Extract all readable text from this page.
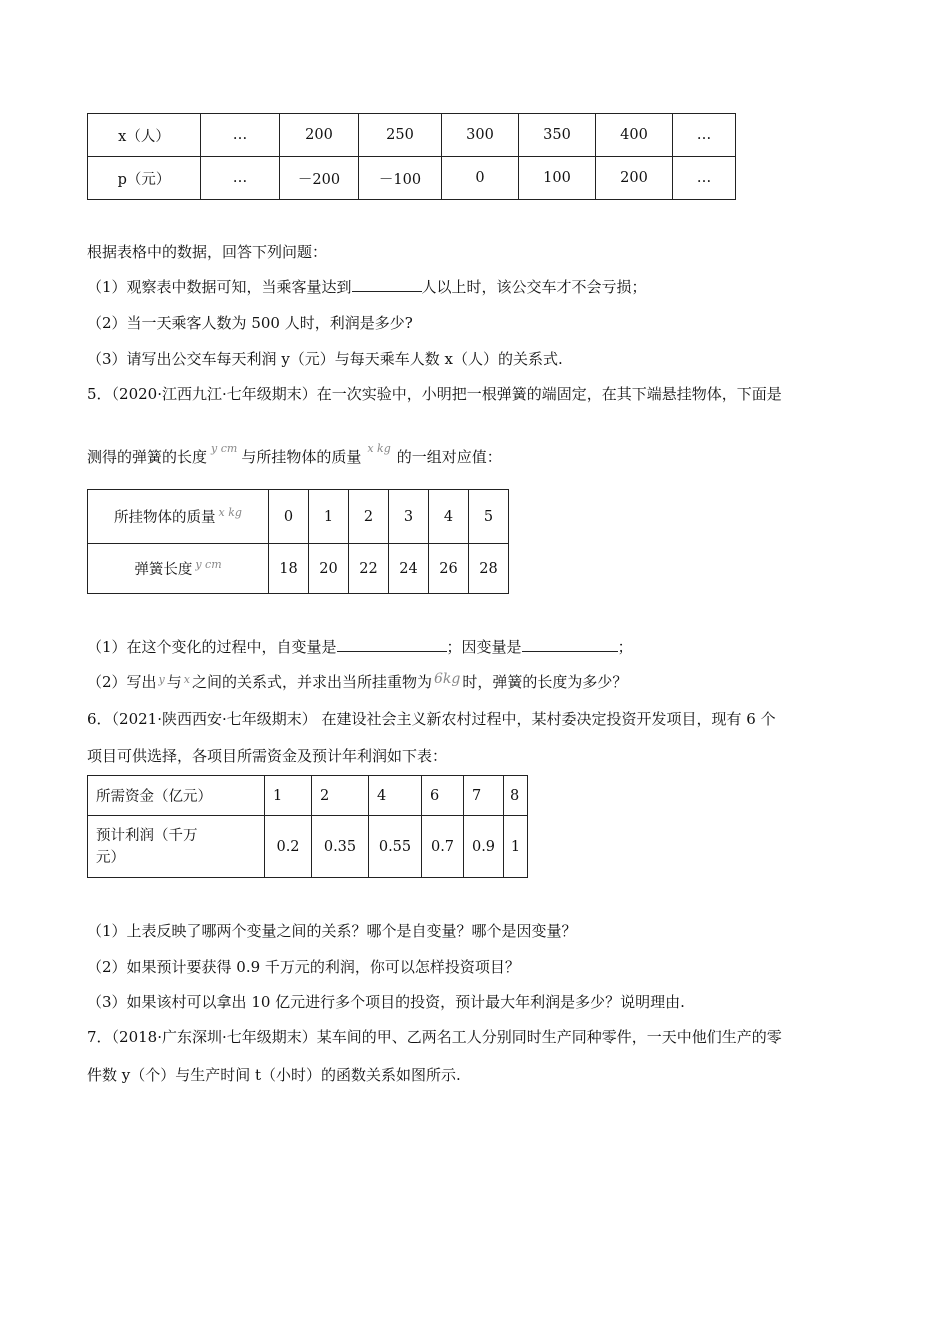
x（人）	…	200	250	300	350	400	…
p（元）	…	－200	－100	0	100	200	…
根据表格中的数据，回答下列问题：
（1）观察表中数据可知，当乘客量达到	人以上时，该公交车才不会亏损；
（2）当一天乘客人数为 500 人时，利润是多少?
（3）请写出公交车每天利润 y（元）与每天乘车人数 x（人）的关系式.
5．（2020·江西九江·七年级期末）在一次实验中，小明把一根弹簧的端固定，在其下端悬挂物体，下面是
测得的弹簧的长度 $^{y cm}$ 与所挂物体的质量 $^{x kg}$ 的一组对应值：
所挂物体的质量 $^{x kg}$	0	1	2	3	4	5
弹簧长度 $^{y cm}$	18	20	22	24	26	28
（1）在这个变化的过程中，自变量是	；因变量是	；
（2）写出 $^y$ 与 $^x$ 之间的关系式，并求出当所挂重物为 6kg 时，弹簧的长度为多少？
6．（2021·陕西西安·七年级期末） 在建设社会主义新农村过程中，某村委决定投资开发项目，现有 6 个
项目可供选择，各项目所需资金及预计年利润如下表：
所需资金（亿元）	1	2	4	6	7	8

预计利润（千万
元）	0.2	0.35	0.55	0.7	0.9	1
（1）上表反映了哪两个变量之间的关系？哪个是自变量？哪个是因变量？
（2）如果预计要获得 0.9 千万元的利润，你可以怎样投资项目？
（3）如果该村可以拿出 10 亿元进行多个项目的投资，预计最大年利润是多少？说明理由.
7．（2018·广东深圳·七年级期末）某车间的甲、乙两名工人分别同时生产同种零件，一天中他们生产的零
件数 y（个）与生产时间 t（小时）的函数关系如图所示.
